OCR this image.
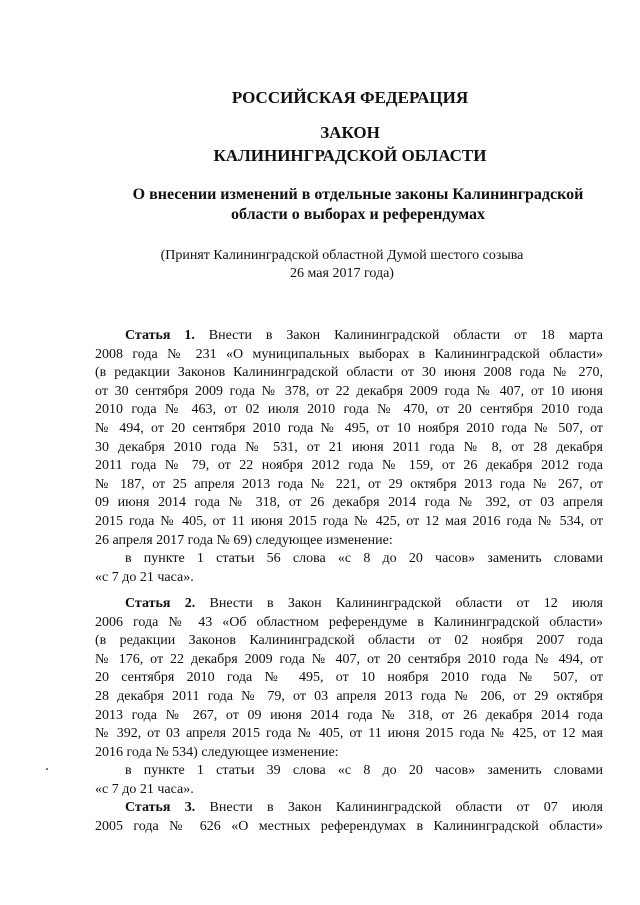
РОССИЙСКАЯ ФЕДЕРАЦИЯ
ЗАКОН
КАЛИНИНГРАДСКОЙ ОБЛАСТИ
О внесении изменений в отдельные законы Калининградской
области о выборах и референдумах
(Принят Калининградской областной Думой шестого созыва
26 мая 2017 года)
Статья 1. Внести в Закон Калининградской области от 18 марта
2008 года № 231 «О муниципальных выборах в Калининградской области»
(в редакции Законов Калининградской области от 30 июня 2008 года № 270,
от 30 сентября 2009 года № 378, от 22 декабря 2009 года № 407, от 10 июня
2010 года № 463, от 02 июля 2010 года № 470, от 20 сентября 2010 года
№ 494, от 20 сентября 2010 года № 495, от 10 ноября 2010 года № 507, от
30 декабря 2010 года № 531, от 21 июня 2011 года № 8, от 28 декабря
2011 года № 79, от 22 ноября 2012 года № 159, от 26 декабря 2012 года
№ 187, от 25 апреля 2013 года № 221, от 29 октября 2013 года № 267, от
09 июня 2014 года № 318, от 26 декабря 2014 года № 392, от 03 апреля
2015 года № 405, от 11 июня 2015 года № 425, от 12 мая 2016 года № 534, от
26 апреля 2017 года № 69) следующее изменение:
в пункте 1 статьи 56 слова «с 8 до 20 часов» заменить словами
«с 7 до 21 часа».
Статья 2. Внести в Закон Калининградской области от 12 июля
2006 года № 43 «Об областном референдуме в Калининградской области»
(в редакции Законов Калининградской области от 02 ноября 2007 года
№ 176, от 22 декабря 2009 года № 407, от 20 сентября 2010 года № 494, от
20 сентября 2010 года № 495, от 10 ноября 2010 года № 507, от
28 декабря 2011 года № 79, от 03 апреля 2013 года № 206, от 29 октября
2013 года № 267, от 09 июня 2014 года № 318, от 26 декабря 2014 года
№ 392, от 03 апреля 2015 года № 405, от 11 июня 2015 года № 425, от 12 мая
2016 года № 534) следующее изменение:
в пункте 1 статьи 39 слова «с 8 до 20 часов» заменить словами
«с 7 до 21 часа».
Статья 3. Внести в Закон Калининградской области от 07 июля
2005 года № 626 «О местных референдумах в Калининградской области»
